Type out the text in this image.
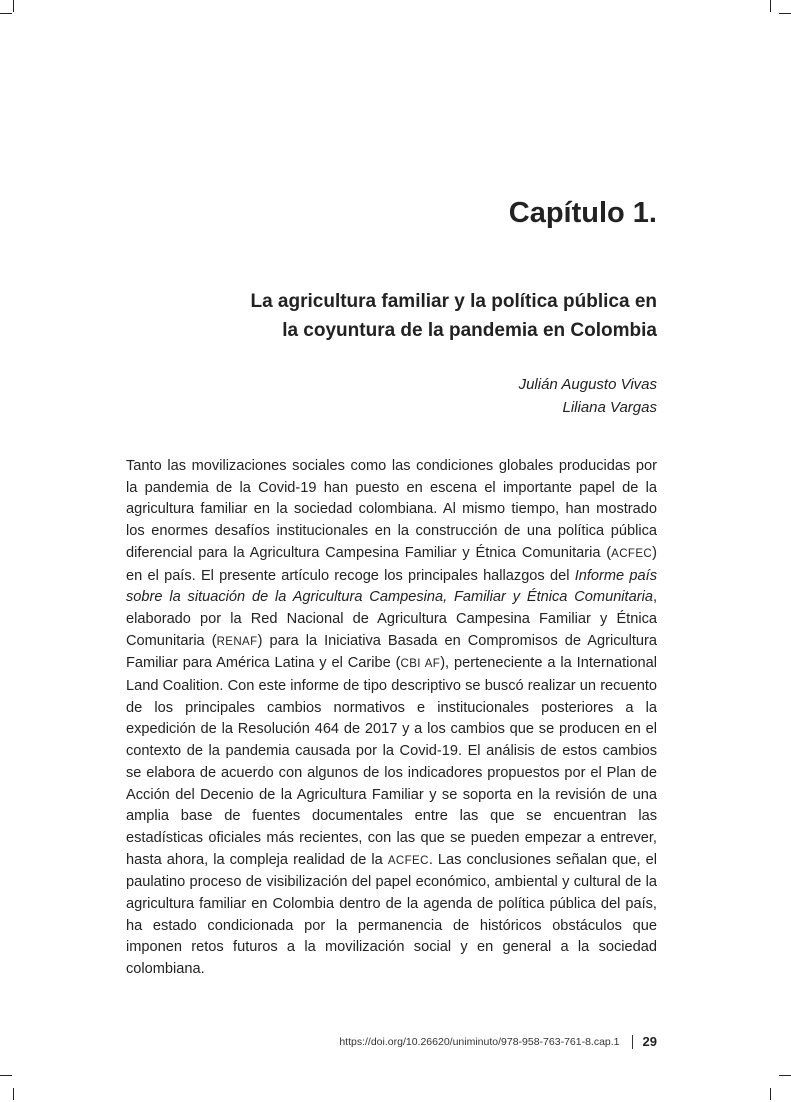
Capítulo 1.
La agricultura familiar y la política pública en
la coyuntura de la pandemia en Colombia
Julián Augusto Vivas
Liliana Vargas

Tanto las movilizaciones sociales como las condiciones globales producidas por la pandemia de la Covid-19 han puesto en escena el importante papel de la agricultura familiar en la sociedad colombiana. Al mismo tiempo, han mostrado los enormes desafíos institucionales en la construcción de una política pública diferencial para la Agricultura Campesina Familiar y Étnica Comunitaria (ACFEC) en el país. El presente artículo recoge los principales hallazgos del Informe país sobre la situación de la Agricultura Campesina, Familiar y Étnica Comunitaria, elaborado por la Red Nacional de Agricultura Campesina Familiar y Étnica Comunitaria (RENAF) para la Iniciativa Basada en Compromisos de Agricultura Familiar para América Latina y el Caribe (CBI AF), perteneciente a la International Land Coalition. Con este informe de tipo descriptivo se buscó realizar un recuento de los principales cambios normativos e institucionales posteriores a la expedición de la Resolución 464 de 2017 y a los cambios que se producen en el contexto de la pandemia causada por la Covid-19. El análisis de estos cambios se elabora de acuerdo con algunos de los indicadores propuestos por el Plan de Acción del Decenio de la Agricultura Familiar y se soporta en la revisión de una amplia base de fuentes documentales entre las que se encuentran las estadísticas oficiales más recientes, con las que se pueden empezar a entrever, hasta ahora, la compleja realidad de la ACFEC. Las conclusiones señalan que, el paulatino proceso de visibilización del papel económico, ambiental y cultural de la agricultura familiar en Colombia dentro de la agenda de política pública del país, ha estado condicionada por la permanencia de históricos obstáculos que imponen retos futuros a la movilización social y en general a la sociedad colombiana.

https://doi.org/10.26620/uniminuto/978-958-763-761-8.cap.1 29
